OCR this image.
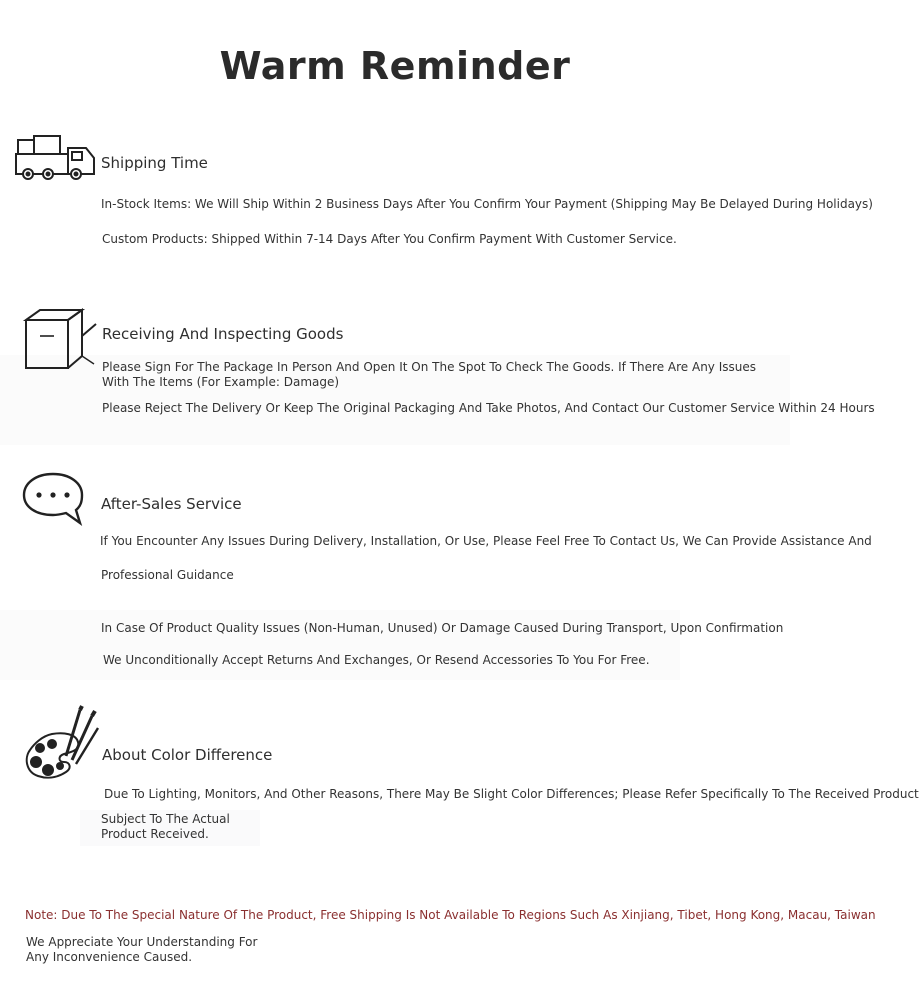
Warm Reminder
Shipping Time
In-Stock Items: We Will Ship Within 2 Business Days After You Confirm Your Payment (Shipping May Be Delayed During Holidays)
Custom Products: Shipped Within 7-14 Days After You Confirm Payment With Customer Service.
Receiving And Inspecting Goods
Please Sign For The Package In Person And Open It On The Spot To Check The Goods. If There Are Any Issues With The Items (For Example: Damage)
Please Reject The Delivery Or Keep The Original Packaging And Take Photos, And Contact Our Customer Service Within 24 Hours
After-Sales Service
If You Encounter Any Issues During Delivery, Installation, Or Use, Please Feel Free To Contact Us, We Can Provide Assistance And
Professional Guidance
In Case Of Product Quality Issues (Non-Human, Unused) Or Damage Caused During Transport, Upon Confirmation
We Unconditionally Accept Returns And Exchanges, Or Resend Accessories To You For Free.
About Color Difference
Due To Lighting, Monitors, And Other Reasons, There May Be Slight Color Differences; Please Refer Specifically To The Received Product
Subject To The Actual Product Received.
Note: Due To The Special Nature Of The Product, Free Shipping Is Not Available To Regions Such As Xinjiang, Tibet, Hong Kong, Macau, Taiwan
We Appreciate Your Understanding For Any Inconvenience Caused.
